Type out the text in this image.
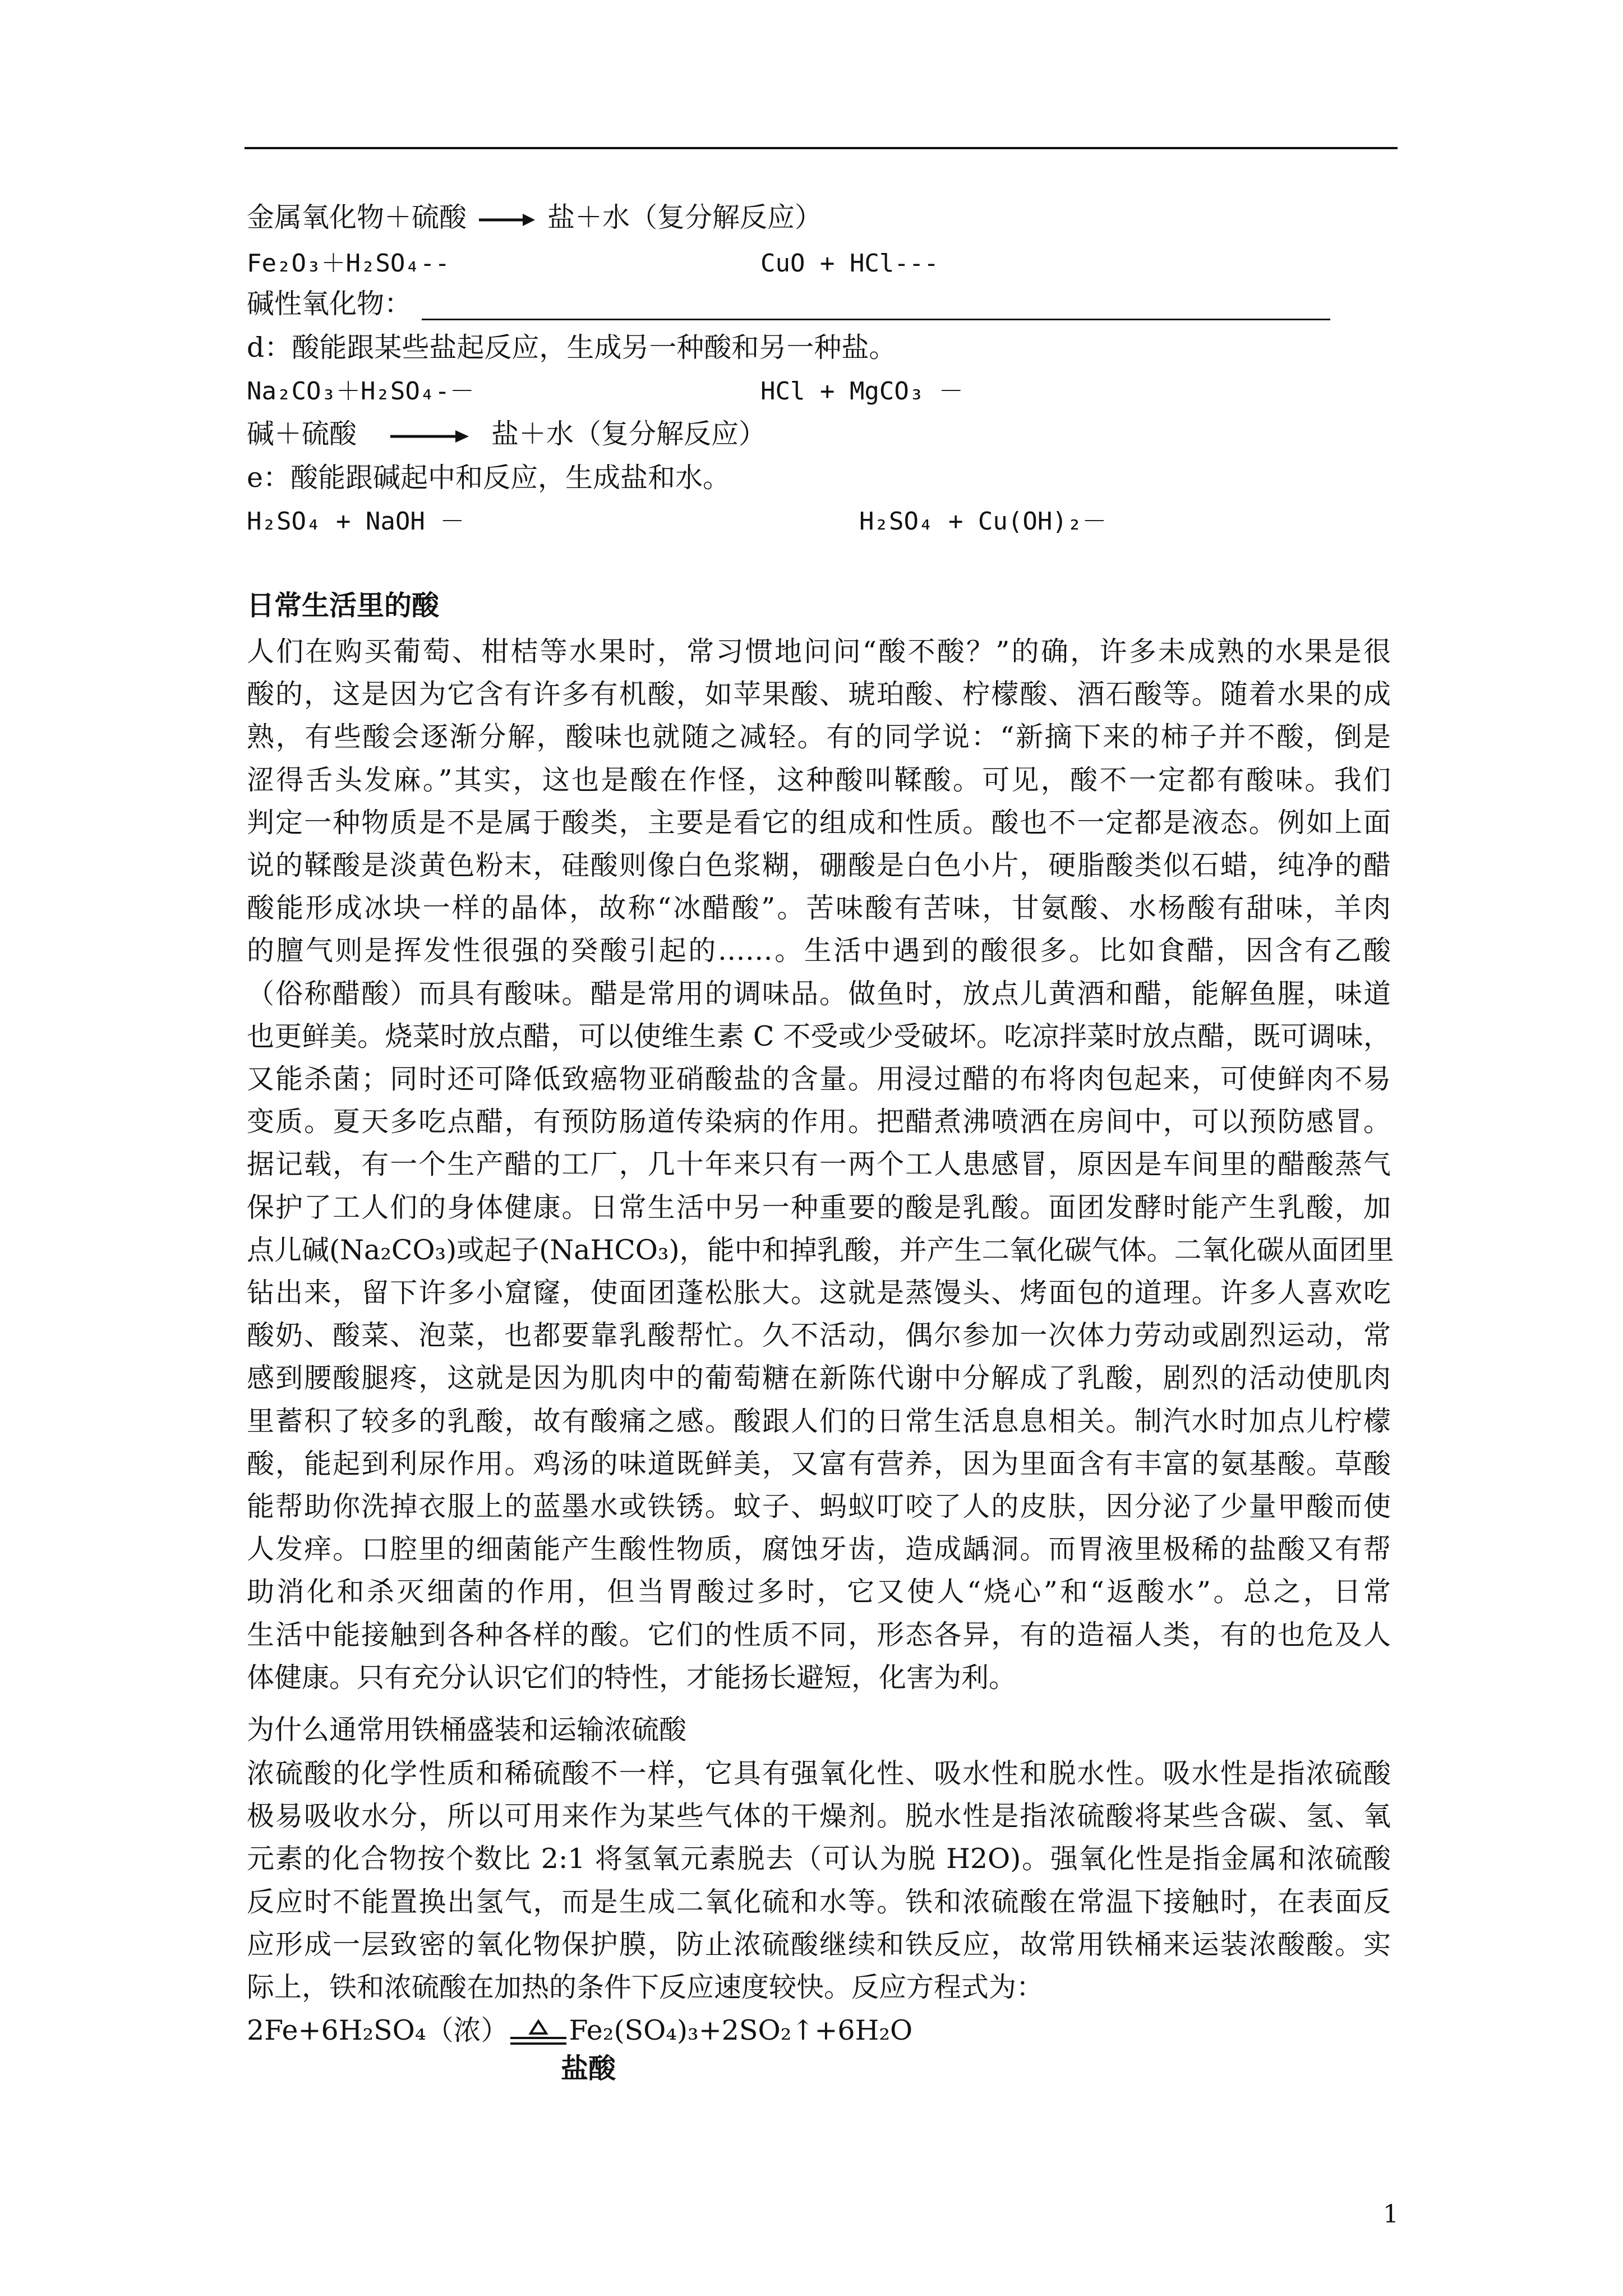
金属氧化物＋硫酸	盐＋水（复分解反应）
Fe₂O₃＋H₂SO₄--	CuO + HCl---
碱性氧化物：
d：酸能跟某些盐起反应，生成另一种酸和另一种盐。
Na₂CO₃＋H₂SO₄-－	HCl + MgCO₃ －
碱＋硫酸	盐＋水（复分解反应）
e：酸能跟碱起中和反应，生成盐和水。
H₂SO₄ + NaOH －	H₂SO₄ + Cu(OH)₂－
日常生活里的酸
人们在购买葡萄、柑桔等水果时，常习惯地问问“酸不酸？”的确，许多未成熟的水果是很
酸的，这是因为它含有许多有机酸，如苹果酸、琥珀酸、柠檬酸、酒石酸等。随着水果的成
熟，有些酸会逐渐分解，酸味也就随之减轻。有的同学说：“新摘下来的柿子并不酸，倒是
涩得舌头发麻。”其实，这也是酸在作怪，这种酸叫鞣酸。可见，酸不一定都有酸味。我们
判定一种物质是不是属于酸类，主要是看它的组成和性质。酸也不一定都是液态。例如上面
说的鞣酸是淡黄色粉末，硅酸则像白色浆糊，硼酸是白色小片，硬脂酸类似石蜡，纯净的醋
酸能形成冰块一样的晶体，故称“冰醋酸”。苦味酸有苦味，甘氨酸、水杨酸有甜味，羊肉
的膻气则是挥发性很强的癸酸引起的……。生活中遇到的酸很多。比如食醋，因含有乙酸
（俗称醋酸）而具有酸味。醋是常用的调味品。做鱼时，放点儿黄酒和醋，能解鱼腥，味道
也更鲜美。烧菜时放点醋，可以使维生素 C 不受或少受破坏。吃凉拌菜时放点醋，既可调味，
又能杀菌；同时还可降低致癌物亚硝酸盐的含量。用浸过醋的布将肉包起来，可使鲜肉不易
变质。夏天多吃点醋，有预防肠道传染病的作用。把醋煮沸喷洒在房间中，可以预防感冒。
据记载，有一个生产醋的工厂，几十年来只有一两个工人患感冒，原因是车间里的醋酸蒸气
保护了工人们的身体健康。日常生活中另一种重要的酸是乳酸。面团发酵时能产生乳酸，加
点儿碱(Na₂CO₃)或起子(NaHCO₃)，能中和掉乳酸，并产生二氧化碳气体。二氧化碳从面团里
钻出来，留下许多小窟窿，使面团蓬松胀大。这就是蒸馒头、烤面包的道理。许多人喜欢吃
酸奶、酸菜、泡菜，也都要靠乳酸帮忙。久不活动，偶尔参加一次体力劳动或剧烈运动，常
感到腰酸腿疼，这就是因为肌肉中的葡萄糖在新陈代谢中分解成了乳酸，剧烈的活动使肌肉
里蓄积了较多的乳酸，故有酸痛之感。酸跟人们的日常生活息息相关。制汽水时加点儿柠檬
酸，能起到利尿作用。鸡汤的味道既鲜美，又富有营养，因为里面含有丰富的氨基酸。草酸
能帮助你洗掉衣服上的蓝墨水或铁锈。蚊子、蚂蚁叮咬了人的皮肤，因分泌了少量甲酸而使
人发痒。口腔里的细菌能产生酸性物质，腐蚀牙齿，造成龋洞。而胃液里极稀的盐酸又有帮
助消化和杀灭细菌的作用，但当胃酸过多时，它又使人“烧心”和“返酸水”。总之，日常
生活中能接触到各种各样的酸。它们的性质不同，形态各异，有的造福人类，有的也危及人
体健康。只有充分认识它们的特性，才能扬长避短，化害为利。
为什么通常用铁桶盛装和运输浓硫酸
浓硫酸的化学性质和稀硫酸不一样，它具有强氧化性、吸水性和脱水性。吸水性是指浓硫酸
极易吸收水分，所以可用来作为某些气体的干燥剂。脱水性是指浓硫酸将某些含碳、氢、氧
元素的化合物按个数比 2:1 将氢氧元素脱去（可认为脱 H2O)。强氧化性是指金属和浓硫酸
反应时不能置换出氢气，而是生成二氧化硫和水等。铁和浓硫酸在常温下接触时，在表面反
应形成一层致密的氧化物保护膜，防止浓硫酸继续和铁反应，故常用铁桶来运装浓酸酸。实
际上，铁和浓硫酸在加热的条件下反应速度较快。反应方程式为：
2Fe+6H₂SO₄（浓） Fe₂(SO₄)₃+2SO₂↑+6H₂O
盐酸
1
